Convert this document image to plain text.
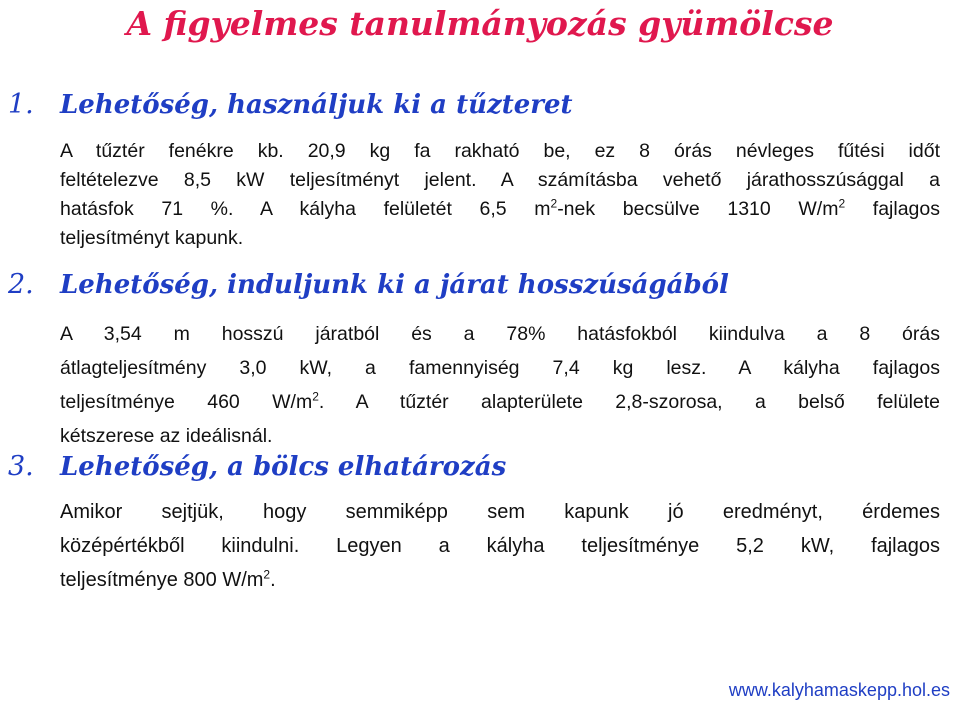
A figyelmes tanulmányozás gyümölcse
1. Lehetőség, használjuk ki a tűzteret
A tűztér fenékre kb. 20,9 kg fa rakható be, ez 8 órás névleges fűtési időt
feltételezve 8,5 kW teljesítményt jelent. A számításba vehető járathosszúsággal a
hatásfok 71 %. A kályha felületét 6,5 $m^2$-nek becsülve 1310 $W/m^2$ fajlagos
teljesítményt kapunk.
2. Lehetőség, induljunk ki a járat hosszúságából
A 3,54 m hosszú járatból és a 78% hatásfokból kiindulva a 8 órás
átlagteljesítmény 3,0 kW, a famennyiség 7,4 kg lesz. A kályha fajlagos
teljesítménye 460 $W/m^2$. A tűztér alapterülete 2,8-szorosa, a belső felülete
kétszerese az ideálisnál.
3. Lehetőség, a bölcs elhatározás
Amikor sejtjük, hogy semmiképp sem kapunk jó eredményt, érdemes
középértékből kiindulni. Legyen a kályha teljesítménye 5,2 kW, fajlagos
teljesítménye 800 $W/m^2$.
www.kalyhamaskepp.hol.es
